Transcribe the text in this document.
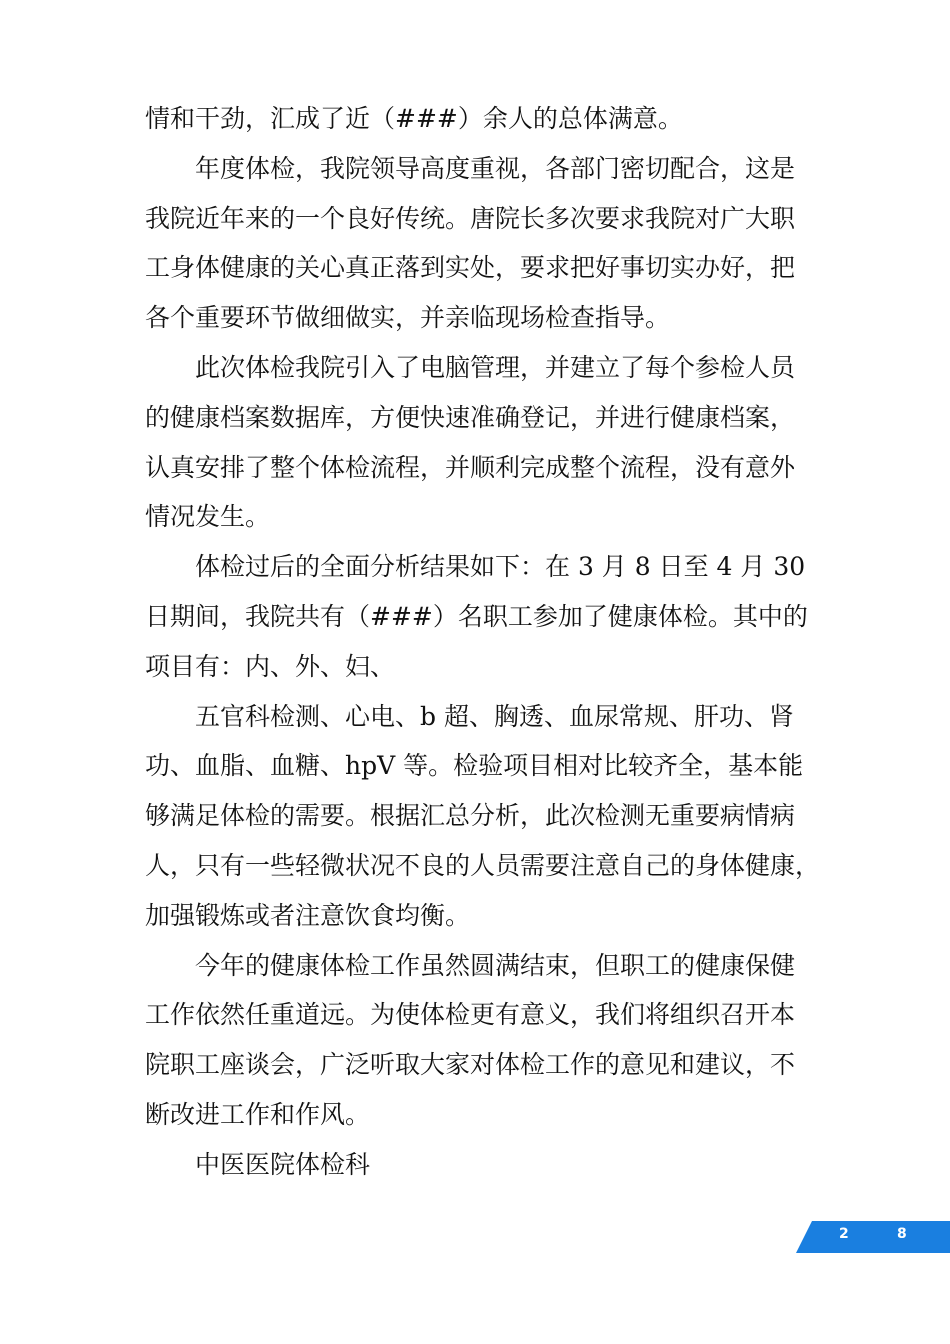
情和干劲，汇成了近（###）余人的总体满意。
年度体检，我院领导高度重视，各部门密切配合，这是
我院近年来的一个良好传统。唐院长多次要求我院对广大职
工身体健康的关心真正落到实处，要求把好事切实办好，把
各个重要环节做细做实，并亲临现场检查指导。
此次体检我院引入了电脑管理，并建立了每个参检人员
的健康档案数据库，方便快速准确登记，并进行健康档案，
认真安排了整个体检流程，并顺利完成整个流程，没有意外
情况发生。
体检过后的全面分析结果如下：在 3 月 8 日至 4 月 30
日期间，我院共有（###）名职工参加了健康体检。其中的
项目有：内、外、妇、
五官科检测、心电、b 超、胸透、血尿常规、肝功、肾
功、血脂、血糖、hpV 等。检验项目相对比较齐全，基本能
够满足体检的需要。根据汇总分析，此次检测无重要病情病
人，只有一些轻微状况不良的人员需要注意自己的身体健康，
加强锻炼或者注意饮食均衡。
今年的健康体检工作虽然圆满结束，但职工的健康保健
工作依然任重道远。为使体检更有意义，我们将组织召开本
院职工座谈会，广泛听取大家对体检工作的意见和建议，不
断改进工作和作风。
中医医院体检科
2	8
